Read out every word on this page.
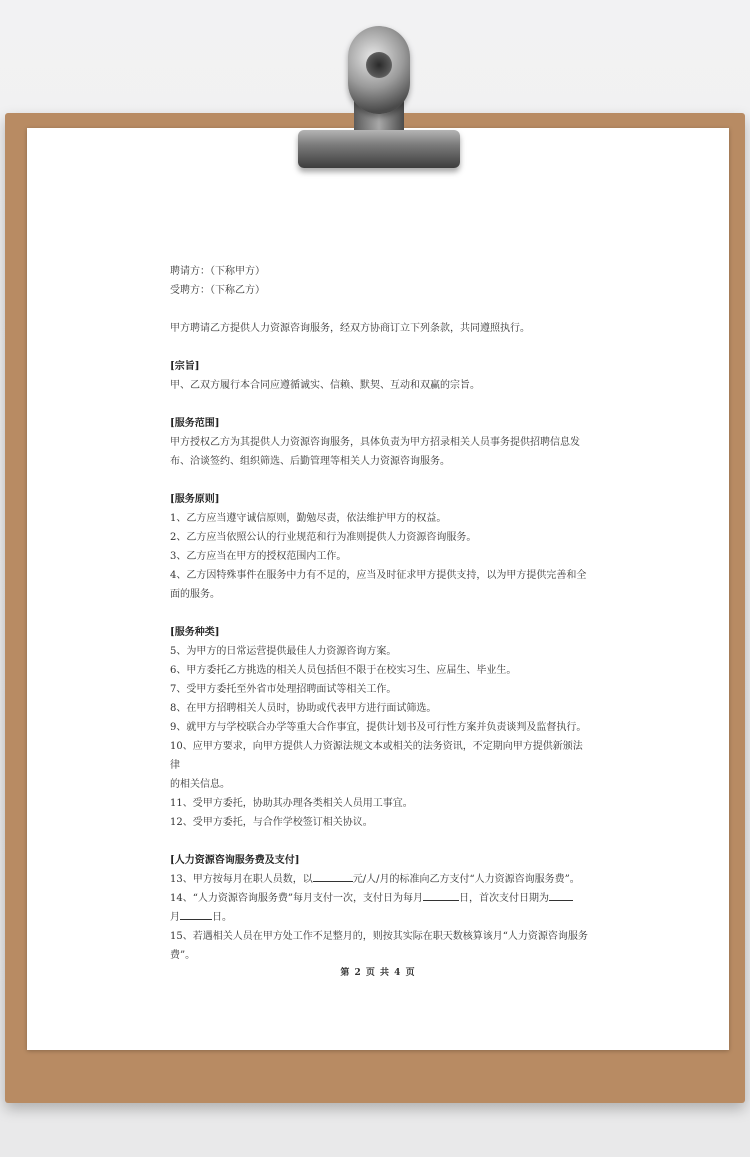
聘请方：（下称甲方）

受聘方：（下称乙方）

甲方聘请乙方提供人力资源咨询服务，经双方协商订立下列条款，共同遵照执行。

[宗旨]

甲、乙双方履行本合同应遵循诚实、信赖、默契、互动和双赢的宗旨。

[服务范围]

甲方授权乙方为其提供人力资源咨询服务，具体负责为甲方招录相关人员事务提供招聘信息发

布、洽谈签约、组织筛选、后勤管理等相关人力资源咨询服务。

[服务原则]

1、乙方应当遵守诚信原则，勤勉尽责，依法维护甲方的权益。

2、乙方应当依照公认的行业规范和行为准则提供人力资源咨询服务。

3、乙方应当在甲方的授权范围内工作。

4、乙方因特殊事件在服务中力有不足的，应当及时征求甲方提供支持，以为甲方提供完善和全

面的服务。

[服务种类]

5、为甲方的日常运营提供最佳人力资源咨询方案。

6、甲方委托乙方挑选的相关人员包括但不限于在校实习生、应届生、毕业生。

7、受甲方委托至外省市处理招聘面试等相关工作。

8、在甲方招聘相关人员时，协助或代表甲方进行面试筛选。

9、就甲方与学校联合办学等重大合作事宜，提供计划书及可行性方案并负责谈判及监督执行。

10、应甲方要求，向甲方提供人力资源法规文本或相关的法务资讯，不定期向甲方提供新颁法律

的相关信息。

11、受甲方委托，协助其办理各类相关人员用工事宜。

12、受甲方委托，与合作学校签订相关协议。

[人力资源咨询服务费及支付]

13、甲方按每月在职人员数，以	元/人/月的标准向乙方支付“人力资源咨询服务费”。

14、“人力资源咨询服务费”每月支付一次，支付日为每月	日，首次支付日期为

月	日。

15、若遇相关人员在甲方处工作不足整月的，则按其实际在职天数核算该月“人力资源咨询服务

费”。

第 2 页 共 4 页
